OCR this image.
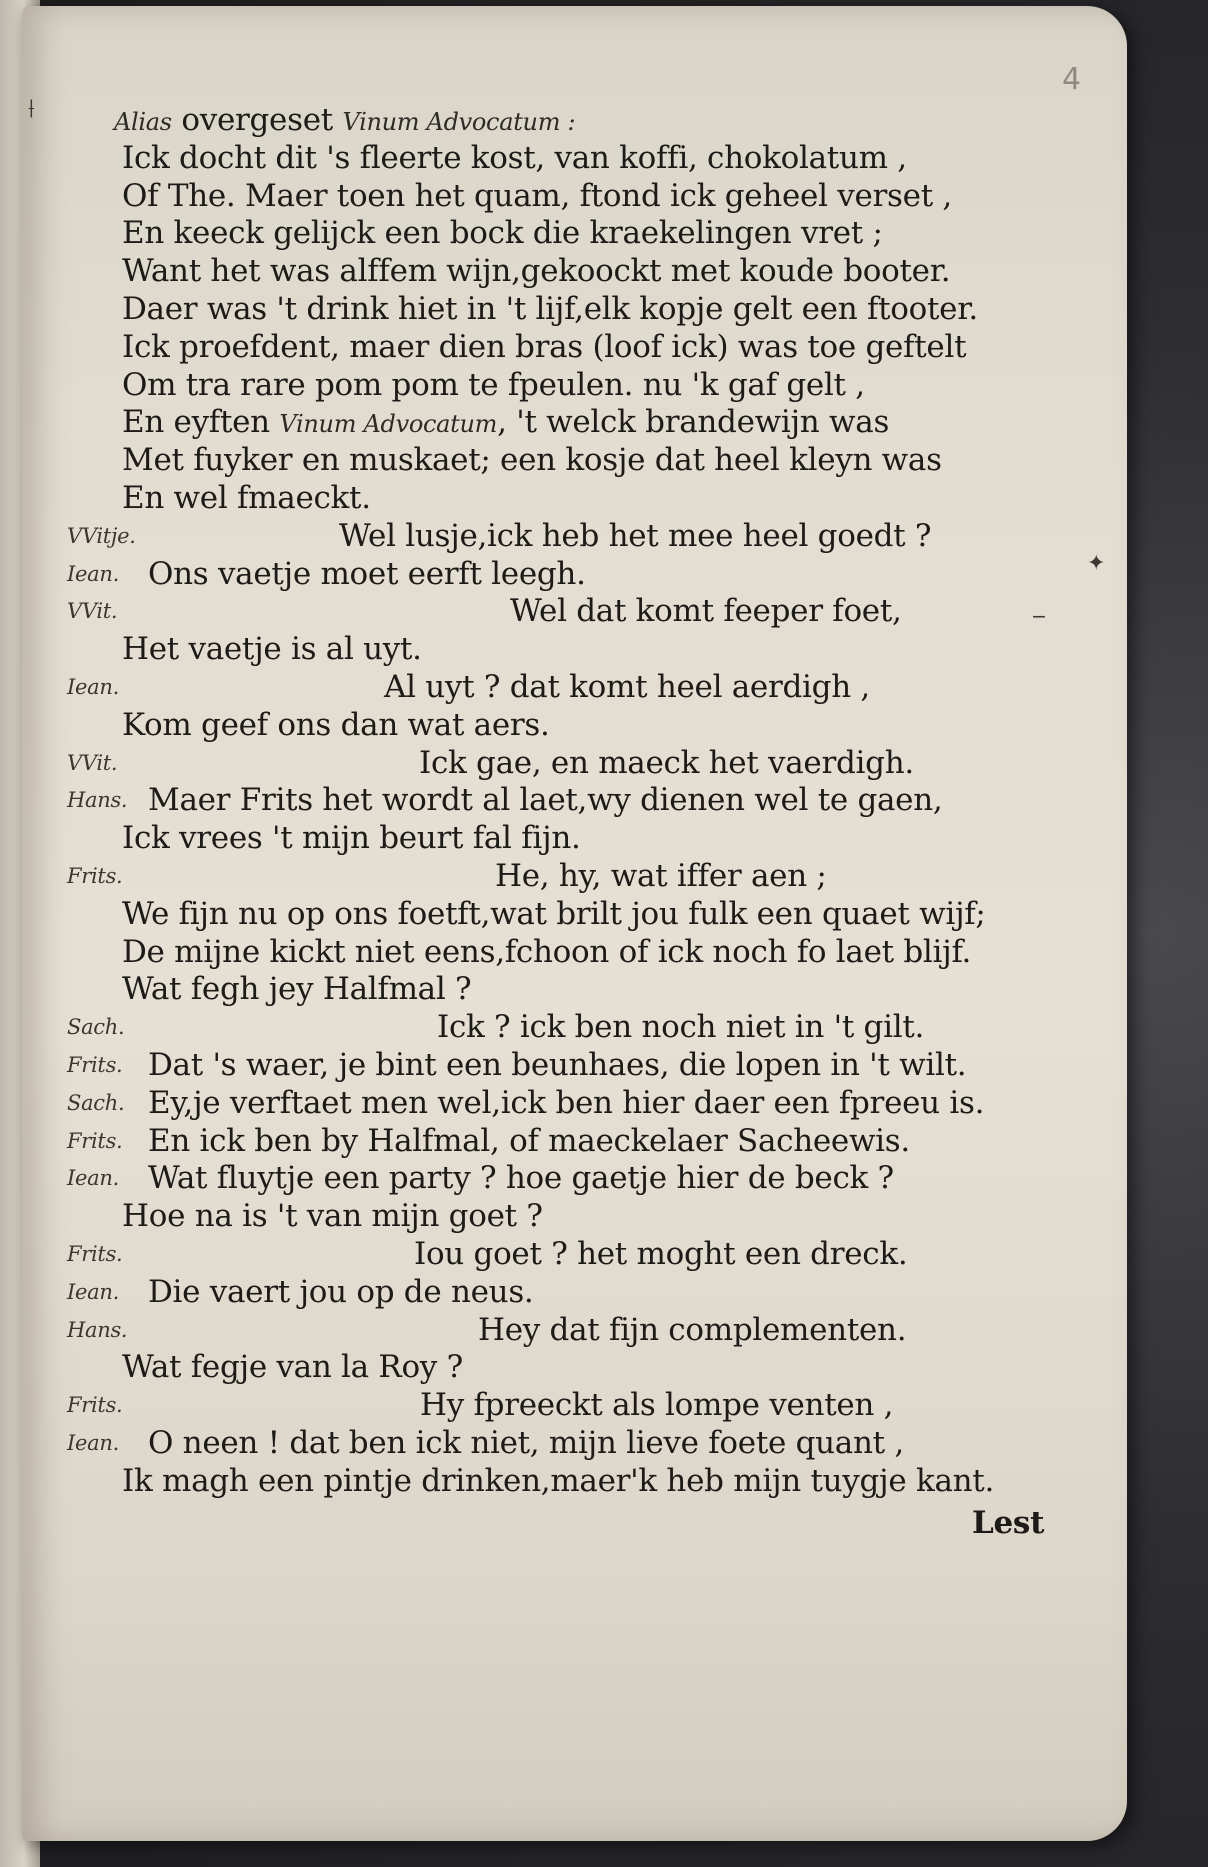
4
Alias overgeset Vinum Advocatum :
Ick docht dit 's fleerte kost, van koffi, chokolatum ,
Of The. Maer toen het quam, ftond ick geheel verset ,
En keeck gelijck een bock die kraekelingen vret ;
Want het was alffem wijn,gekoockt met koude booter.
Daer was 't drink hiet in 't lijf,elk kopje gelt een ftooter.
Ick proefdent, maer dien bras (loof ick) was toe geftelt
Om tra rare pom pom te fpeulen. nu 'k gaf gelt ,
En eyften Vinum Advocatum, 't welck brandewijn was
Met fuyker en muskaet; een kosje dat heel kleyn was
En wel fmaeckt.
VVitje.	Wel lusje,ick heb het mee heel goedt ?
Iean. Ons vaetje moet eerft leegh.
VVit.	Wel dat komt feeper foet,
Het vaetje is al uyt.
Iean.	Al uyt ? dat komt heel aerdigh ,
Kom geef ons dan wat aers.
VVit.	Ick gae, en maeck het vaerdigh.
Hans. Maer Frits het wordt al laet,wy dienen wel te gaen,
Ick vrees 't mijn beurt fal fijn.
Frits.	He, hy, wat iffer aen ;
We fijn nu op ons foetft,wat brilt jou fulk een quaet wijf;
De mijne kickt niet eens,fchoon of ick noch fo laet blijf.
Wat fegh jey Halfmal ?
Sach.	Ick ? ick ben noch niet in 't gilt.
Frits. Dat 's waer, je bint een beunhaes, die lopen in 't wilt.
Sach. Ey,je verftaet men wel,ick ben hier daer een fpreeu is.
Frits. En ick ben by Halfmal, of maeckelaer Sacheewis.
Iean. Wat fluytje een party ? hoe gaetje hier de beck ?
Hoe na is 't van mijn goet ?
Frits.	Iou goet ? het moght een dreck.
Iean. Die vaert jou op de neus.
Hans.	Hey dat fijn complementen.
Wat fegje van la Roy ?
Frits.	Hy fpreeckt als lompe venten ,
Iean. O neen ! dat ben ick niet, mijn lieve foete quant ,
Ik magh een pintje drinken,maer'k heb mijn tuygje kant.
Lest
⟊
✦
‒
